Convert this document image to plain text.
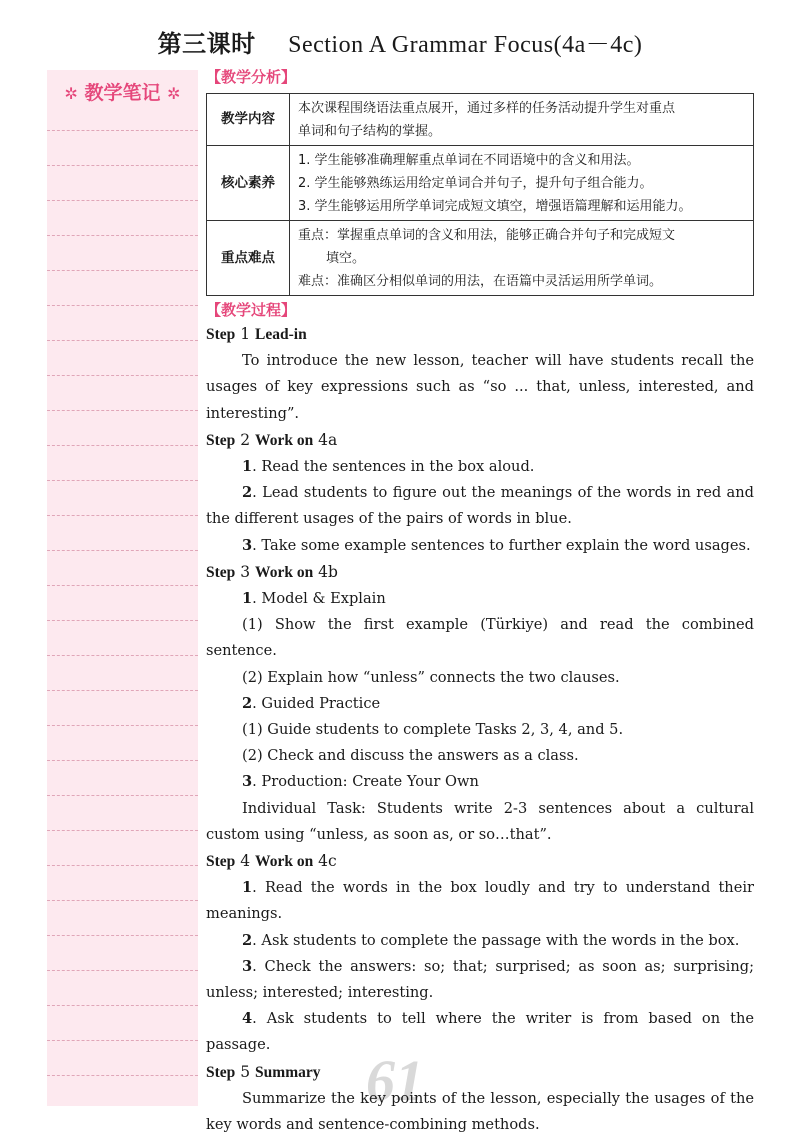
第三课时 Section A Grammar Focus(4a－4c)
✲ 教学笔记 ✲
【教学分析】
教学内容	本次课程围绕语法重点展开，通过多样的任务活动提升学生对重点
单词和句子结构的掌握。

核心素养	1. 学生能够准确理解重点单词在不同语境中的含义和用法。
2. 学生能够熟练运用给定单词合并句子，提升句子组合能力。
3. 学生能够运用所学单词完成短文填空，增强语篇理解和运用能力。

重点难点	重点：掌握重点单词的含义和用法，能够正确合并句子和完成短文
填空。
难点：准确区分相似单词的用法，在语篇中灵活运用所学单词。
【教学过程】

Step 1 Lead-in

To introduce the new lesson, teacher will have students recall the usages of key expressions such as “so ... that, unless, interested, and interesting”.

Step 2 Work on 4a

1. Read the sentences in the box aloud.

2. Lead students to figure out the meanings of the words in red and the different usages of the pairs of words in blue.

3. Take some example sentences to further explain the word usages.

Step 3 Work on 4b

1. Model & Explain

(1) Show the first example (Türkiye) and read the combined sentence.

(2) Explain how “unless” connects the two clauses.

2. Guided Practice

(1) Guide students to complete Tasks 2, 3, 4, and 5.

(2) Check and discuss the answers as a class.

3. Production: Create Your Own

Individual Task: Students write 2-3 sentences about a cultural custom using “unless, as soon as, or so…that”.

Step 4 Work on 4c

1. Read the words in the box loudly and try to understand their meanings.

2. Ask students to complete the passage with the words in the box.

3. Check the answers: so; that; surprised; as soon as; surprising; unless; interested; interesting.

4. Ask students to tell where the writer is from based on the passage.

Step 5 Summary

Summarize the key points of the lesson, especially the usages of the key words and sentence-combining methods.

61
